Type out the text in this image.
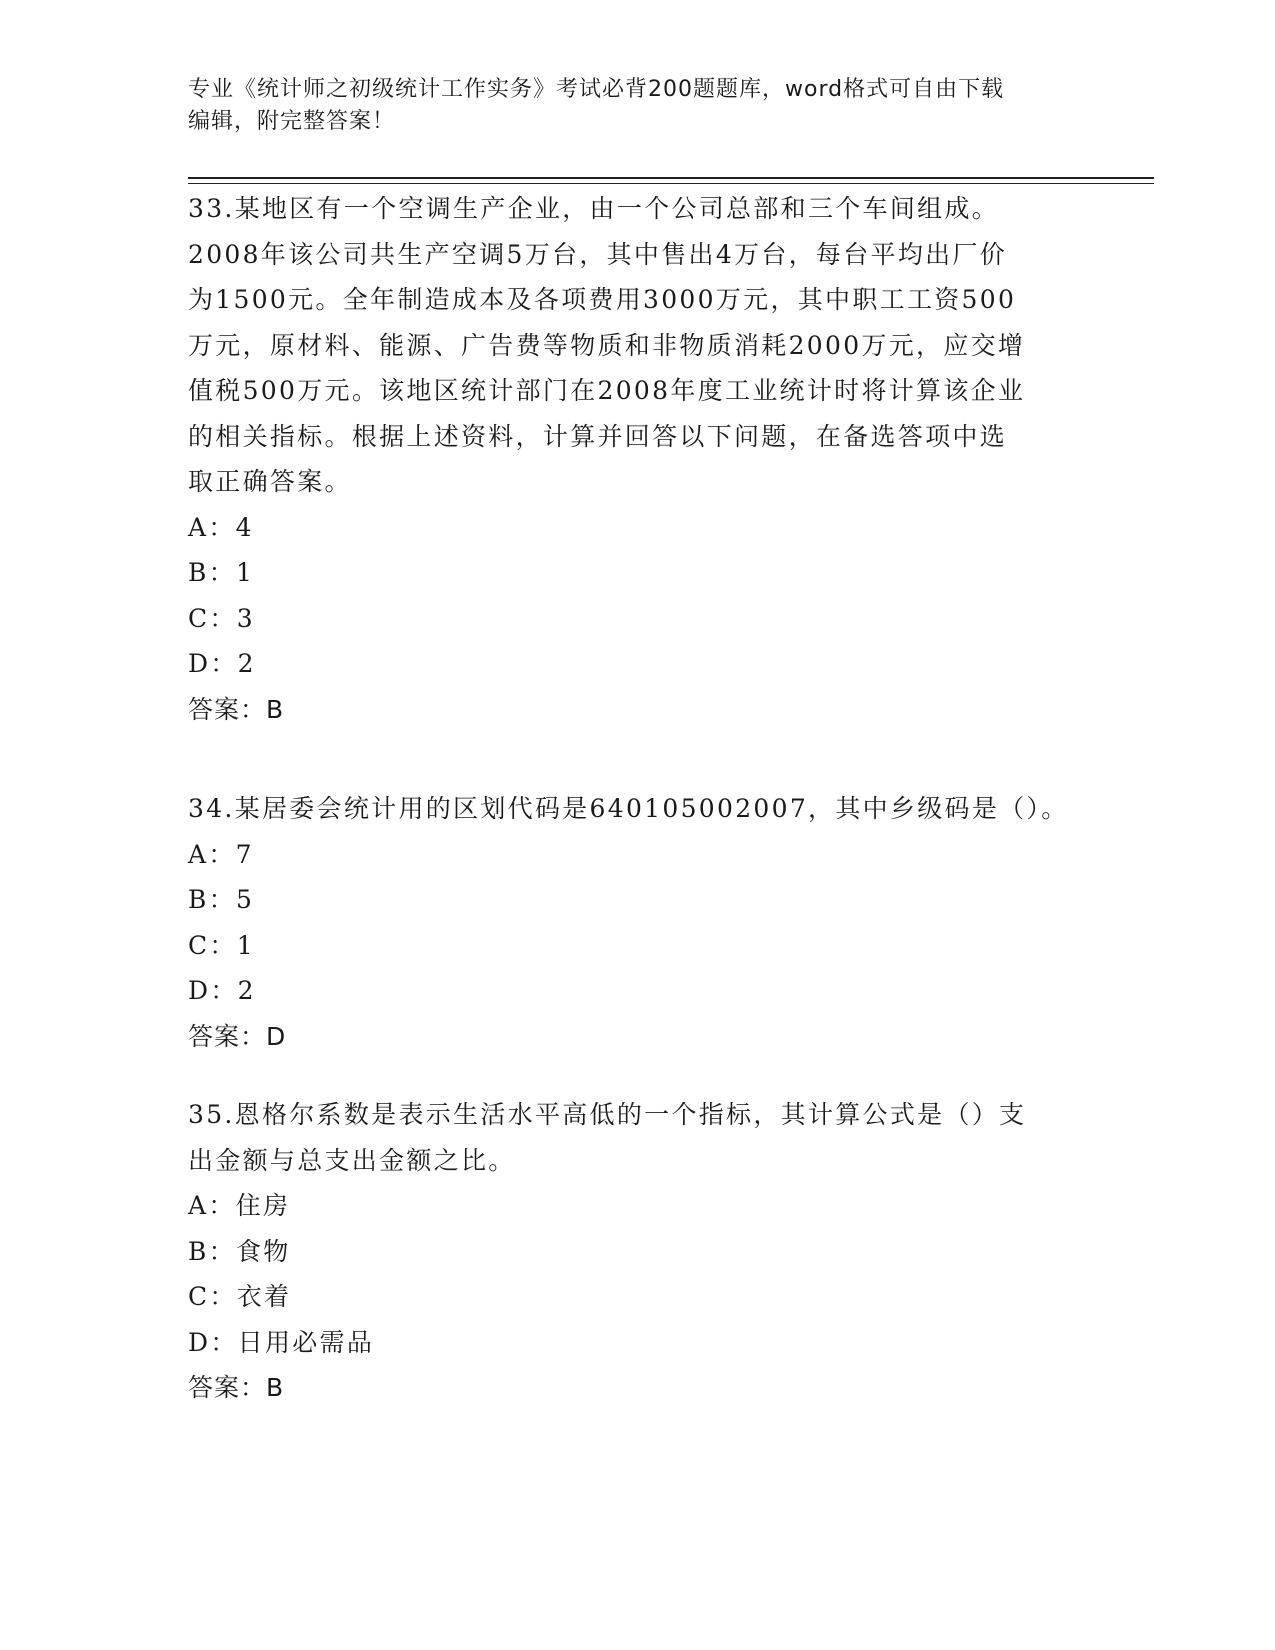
专业《统计师之初级统计工作实务》考试必背200题题库，word格式可自由下载
编辑，附完整答案！

33.某地区有一个空调生产企业，由一个公司总部和三个车间组成。
2008年该公司共生产空调5万台，其中售出4万台，每台平均出厂价
为1500元。全年制造成本及各项费用3000万元，其中职工工资500
万元，原材料、能源、广告费等物质和非物质消耗2000万元，应交增
值税500万元。该地区统计部门在2008年度工业统计时将计算该企业
的相关指标。根据上述资料，计算并回答以下问题，在备选答项中选
取正确答案。

A：4

B：1

C：3

D：2

答案：B

34.某居委会统计用的区划代码是640105002007，其中乡级码是（）。

A：7

B：5

C：1

D：2

答案：D

35.恩格尔系数是表示生活水平高低的一个指标，其计算公式是（）支
出金额与总支出金额之比。

A：住房

B：食物

C：衣着

D：日用必需品

答案：B
